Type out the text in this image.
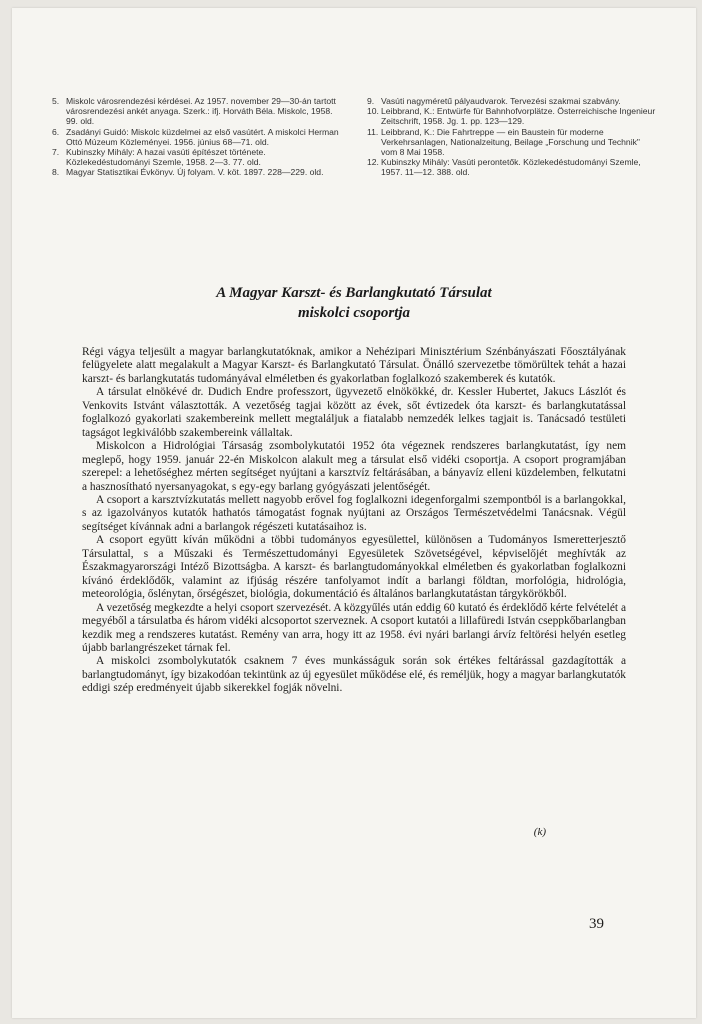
5. Miskolc városrendezési kérdései. Az 1957. november 29—30-án tartott városrendezési ankét anyaga. Szerk.: ifj. Horváth Béla. Miskolc, 1958. 99. old.
6. Zsadányi Guidó: Miskolc küzdelmei az első vasútért. A miskolci Herman Ottó Múzeum Közleményei. 1956. június 68—71. old.
7. Kubinszky Mihály: A hazai vasúti építészet története. Közlekedéstudományi Szemle, 1958. 2—3. 77. old.
8. Magyar Statisztikai Évkönyv. Új folyam. V. köt. 1897. 228—229. old.
9. Vasúti nagyméretű pályaudvarok. Tervezési szakmai szabvány.
10. Leibbrand, K.: Entwürfe für Bahnhofvorplätze. Österreichische Ingenieur Zeitschrift, 1958. Jg. 1. pp. 123—129.
11. Leibbrand, K.: Die Fahrtreppe — ein Baustein für moderne Verkehrsanlagen, Nationalzeitung, Beilage „Forschung und Technik" vom 8 Mai 1958.
12. Kubinszky Mihály: Vasúti perontetők. Közlekedéstudományi Szemle, 1957. 11—12. 388. old.
A Magyar Karszt- és Barlangkutató Társulat
miskolci csoportja

Régi vágya teljesült a magyar barlangkutatóknak, amikor a Nehézipari Minisztérium Szénbányászati Főosztályának felügyelete alatt megalakult a Magyar Karszt- és Barlangkutató Társulat. Önálló szervezetbe tömörültek tehát a hazai karszt- és barlangkutatás tudományával elméletben és gyakorlatban foglalkozó szakemberek és kutatók.

A társulat elnökévé dr. Dudich Endre professzort, ügyvezető elnökökké, dr. Kessler Hubertet, Jakucs Lászlót és Venkovits Istvánt választották. A vezetőség tagjai között az évek, sőt évtizedek óta karszt- és barlangkutatással foglalkozó gyakorlati szakembereink mellett megtaláljuk a fiatalabb nemzedék lelkes tagjait is. Tanácsadó testületi tagságot legkiválóbb szakembereink vállaltak.

Miskolcon a Hidrológiai Társaság zsombolykutatói 1952 óta végeznek rendszeres barlangkutatást, így nem meglepő, hogy 1959. január 22-én Miskolcon alakult meg a társulat első vidéki csoportja. A csoport programjában szerepel: a lehetőséghez mérten segítséget nyújtani a karsztvíz feltárásában, a bányavíz elleni küzdelemben, felkutatni a hasznosítható nyersanyagokat, s egy-egy barlang gyógyászati jelentőségét.

A csoport a karsztvízkutatás mellett nagyobb erővel fog foglalkozni idegenforgalmi szempontból is a barlangokkal, s az igazolványos kutatók hathatós támogatást fognak nyújtani az Országos Természetvédelmi Tanácsnak. Végül segítséget kívánnak adni a barlangok régészeti kutatásaihoz is.

A csoport együtt kíván működni a többi tudományos egyesülettel, különösen a Tudományos Ismeretterjesztő Társulattal, s a Műszaki és Természettudományi Egyesületek Szövetségével, képviselőjét meghívták az Északmagyarországi Intéző Bizottságba. A karszt- és barlangtudományokkal elméletben és gyakorlatban foglalkozni kívánó érdeklődők, valamint az ifjúság részére tanfolyamot indít a barlangi földtan, morfológia, hidrológia, meteorológia, őslénytan, őrségészet, biológia, dokumentáció és általános barlangkutatástan tárgykörökből.

A vezetőség megkezdte a helyi csoport szervezését. A közgyűlés után eddig 60 kutató és érdeklődő kérte felvételét a megyéből a társulatba és három vidéki alcsoportot szerveznek. A csoport kutatói a lillafüredi István cseppkőbarlangban kezdik meg a rendszeres kutatást. Remény van arra, hogy itt az 1958. évi nyári barlangi árvíz feltörési helyén esetleg újabb barlangrészeket tárnak fel.

A miskolci zsombolykutatók csaknem 7 éves munkásságuk során sok értékes feltárással gazdagították a barlangtudományt, így bizakodóan tekintünk az új egyesület működése elé, és reméljük, hogy a magyar barlangkutatók eddigi szép eredményeit újabb sikerekkel fogják növelni.

(k)
39
